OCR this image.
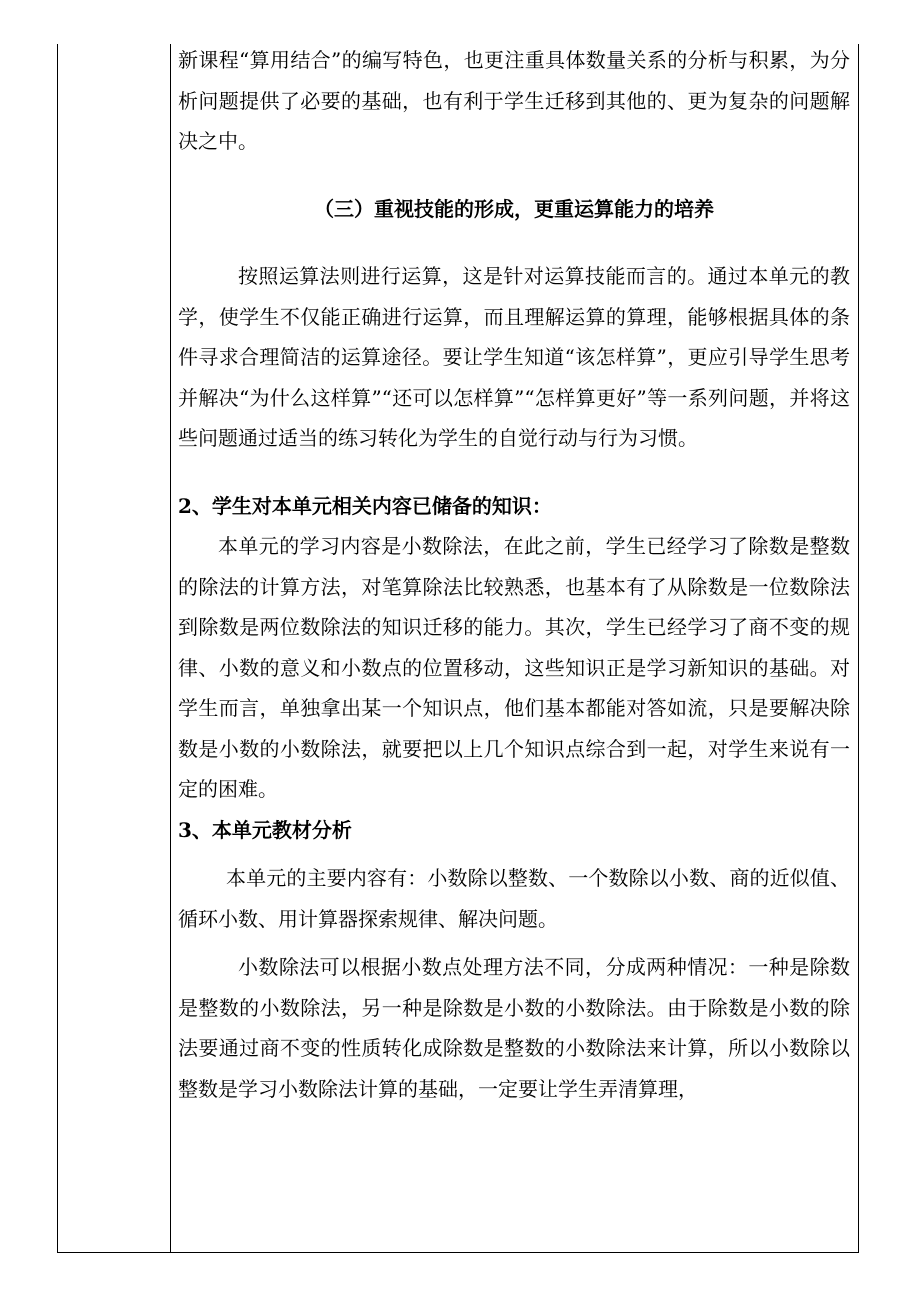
新课程“算用结合”的编写特色，也更注重具体数量关系的分析与积累，为分析问题提供了必要的基础，也有利于学生迁移到其他的、更为复杂的问题解决之中。

（三）重视技能的形成，更重运算能力的培养

按照运算法则进行运算，这是针对运算技能而言的。通过本单元的教学，使学生不仅能正确进行运算，而且理解运算的算理，能够根据具体的条件寻求合理简洁的运算途径。要让学生知道“该怎样算”，更应引导学生思考并解决“为什么这样算”“还可以怎样算”“怎样算更好”等一系列问题，并将这些问题通过适当的练习转化为学生的自觉行动与行为习惯。

2、学生对本单元相关内容已储备的知识：

本单元的学习内容是小数除法，在此之前，学生已经学习了除数是整数的除法的计算方法，对笔算除法比较熟悉，也基本有了从除数是一位数除法到除数是两位数除法的知识迁移的能力。其次，学生已经学习了商不变的规律、小数的意义和小数点的位置移动，这些知识正是学习新知识的基础。对学生而言，单独拿出某一个知识点，他们基本都能对答如流，只是要解决除数是小数的小数除法，就要把以上几个知识点综合到一起，对学生来说有一定的困难。

3、本单元教材分析

本单元的主要内容有：小数除以整数、一个数除以小数、商的近似值、循环小数、用计算器探索规律、解决问题。

小数除法可以根据小数点处理方法不同，分成两种情况：一种是除数是整数的小数除法，另一种是除数是小数的小数除法。由于除数是小数的除法要通过商不变的性质转化成除数是整数的小数除法来计算，所以小数除以整数是学习小数除法计算的基础，一定要让学生弄清算理，
